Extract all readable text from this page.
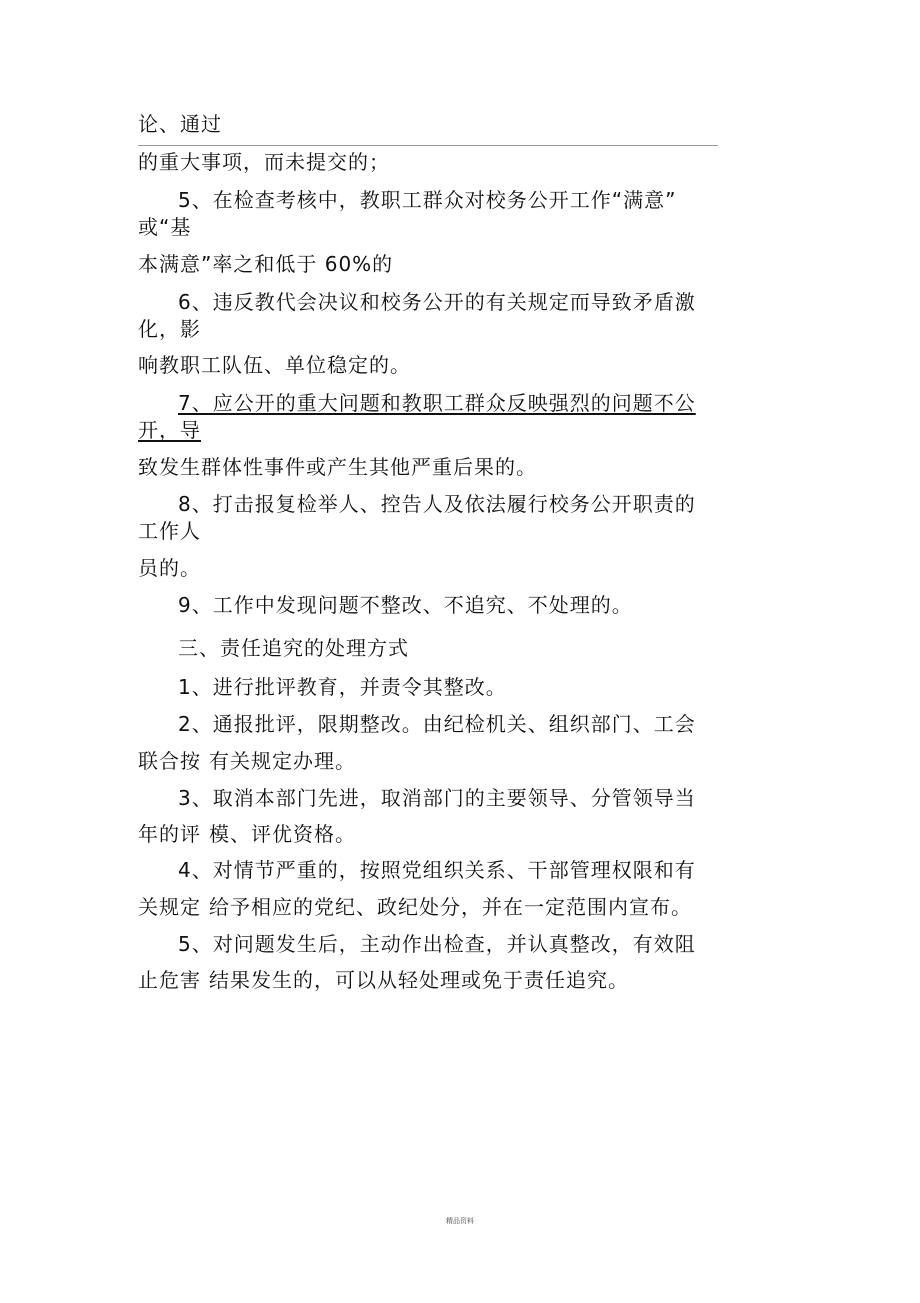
论、通过
的重大事项，而未提交的；
5、在检查考核中，教职工群众对校务公开工作“满意”
或“基
本满意”率之和低于 60%的
6、违反教代会决议和校务公开的有关规定而导致矛盾激
化，影
响教职工队伍、单位稳定的。
7、应公开的重大问题和教职工群众反映强烈的问题不公
开，导
致发生群体性事件或产生其他严重后果的。
8、打击报复检举人、控告人及依法履行校务公开职责的
工作人
员的。
9、工作中发现问题不整改、不追究、不处理的。
三、责任追究的处理方式
1、进行批评教育，并责令其整改。
2、通报批评，限期整改。由纪检机关、组织部门、工会
联合按 有关规定办理。
3、取消本部门先进，取消部门的主要领导、分管领导当
年的评 模、评优资格。
4、对情节严重的，按照党组织关系、干部管理权限和有
关规定 给予相应的党纪、政纪处分，并在一定范围内宣布。
5、对问题发生后，主动作出检查，并认真整改，有效阻
止危害 结果发生的，可以从轻处理或免于责任追究。
精品资料
